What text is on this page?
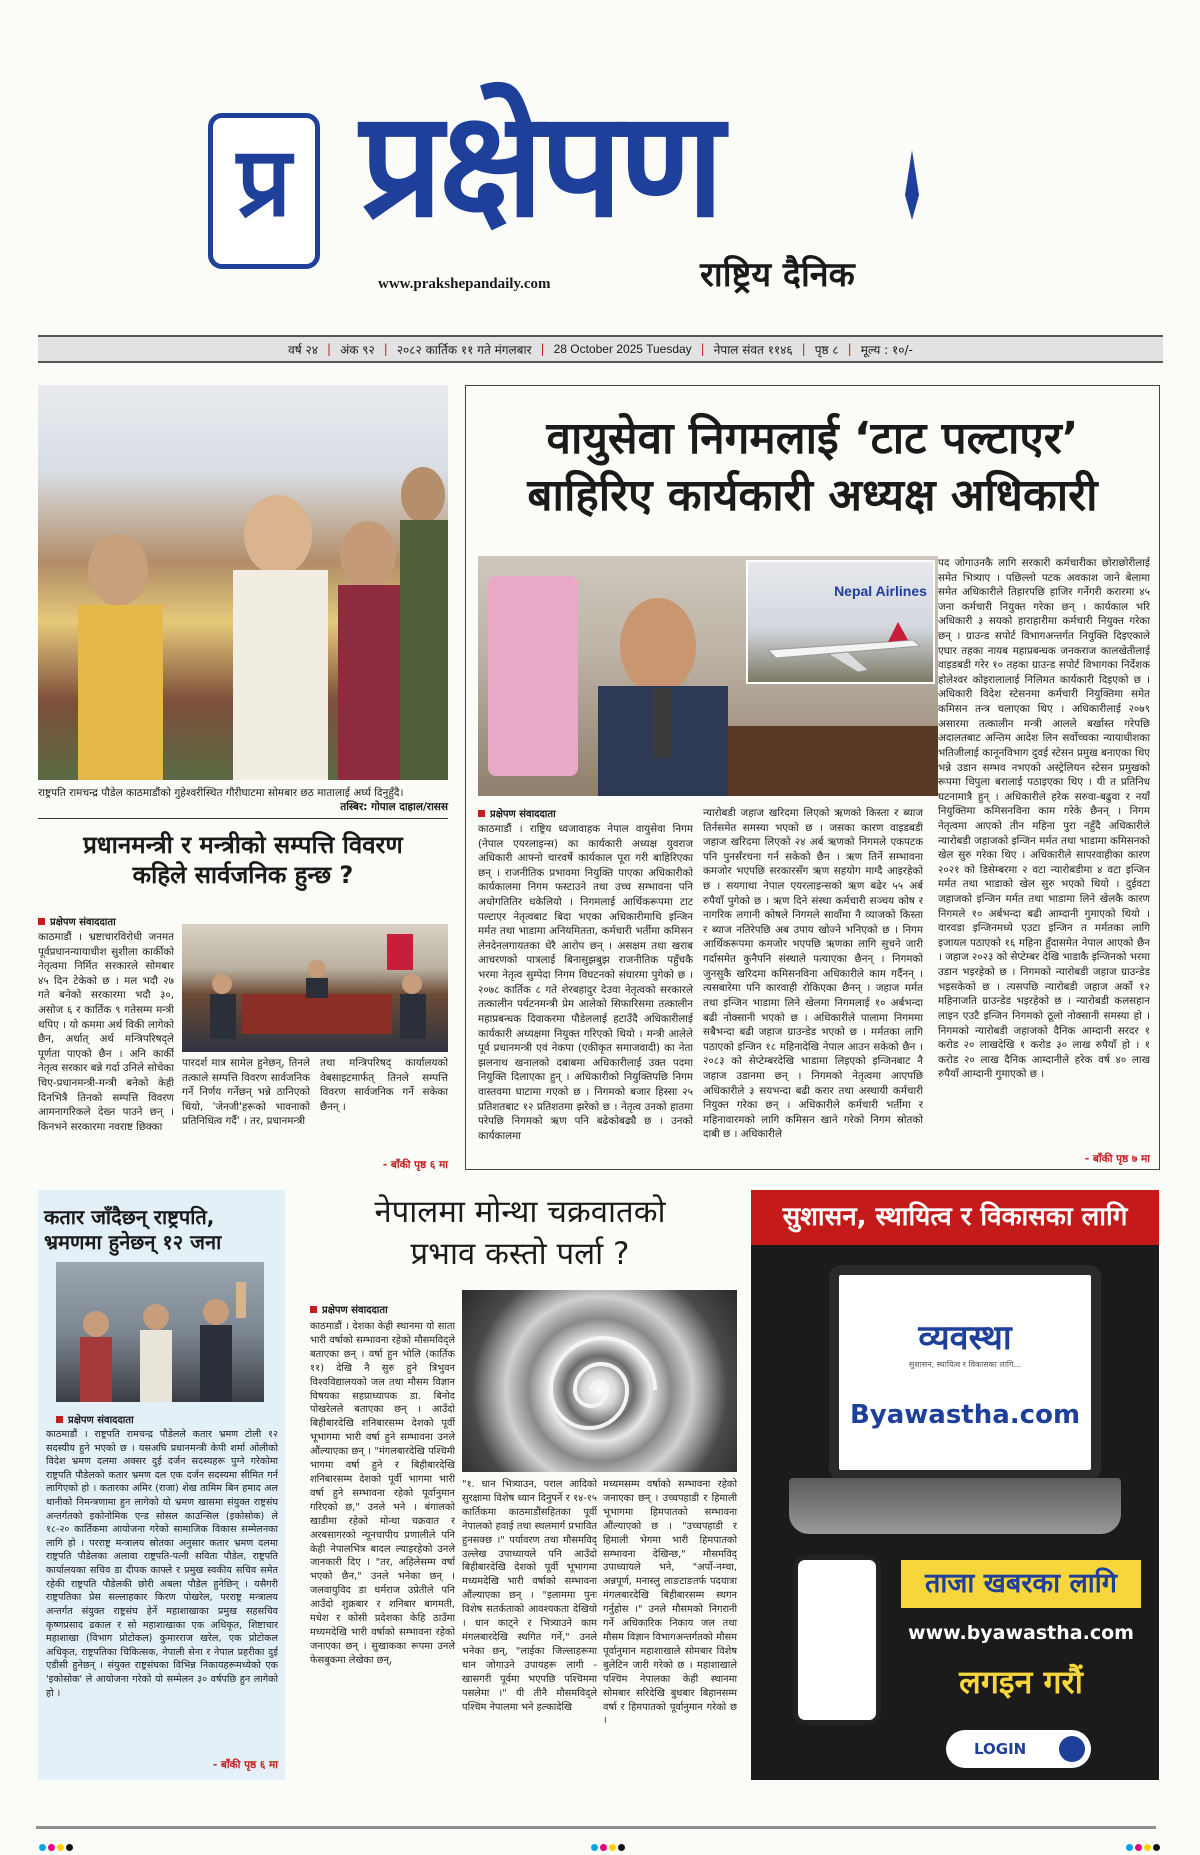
प्र प्रक्षेपण
राष्ट्रिय दैनिक
www.prakshepandaily.com
वर्ष २४ | अंक ९२ | २०८२ कार्तिक ११ गते मंगलबार | 28 October 2025 Tuesday | नेपाल संवत ११४६ | पृष्ठ ८ | मूल्य : १०/-
राष्ट्रपति रामचन्द्र पौडेल काठमाडौंको गुहेश्वरीस्थित गौरीघाटमा सोमबार छठ मातालाई अर्घ्य दिनुहुँदै।
तस्बिर: गोपाल दाहाल/रासस
प्रधानमन्त्री र मन्त्रीको सम्पत्ति विवरण
कहिले सार्वजनिक हुन्छ ?
प्रक्षेपण संवाददाता
काठमाडौं । भ्रष्टाचारविरोधी जनमत पूर्वप्रधानन्यायाधीश सुशीला कार्कीको नेतृत्वमा निर्मित सरकारले सोमबार ४५ दिन टेकेको छ । मल भदौ २७ गते बनेको सरकारमा भदौ ३०, असोज ६ र कार्तिक ९ गतेसम्म मन्त्री थपिए । यो कममा अर्थ विकी लागेको छैन, अर्थात् अर्थ मन्त्रिपरिषद्ले पूर्णता पाएको छैन । अनि कार्की नेतृत्व सरकार बन्ने गर्दा उनिले सोचेका चिए-प्रधानमन्त्री-मन्त्री बनेको केही दिनभित्रै तिनको सम्पत्ति विवरण आमनागरिकले देख्न पाउने छन् । किनभने सरकारमा नवराष्ट छिक्का
पारदर्श मात्र सामेल हुनेछन्, तिनले तत्काले सम्पत्ति विवरण सार्वजनिक गर्ने निर्णय गर्नेछन् भन्ने ठानिएको थियो, 'जेनजी'हरूको भावनाको प्रतिनिधित्व गर्दै' । तर, प्रधानमन्त्री
तथा मन्त्रिपरिषद् कार्यालयको वेबसाइटमार्फत् तिनले सम्पत्ति विवरण सार्वजनिक गर्ने सकेका छैनन् ।
- बाँकी पृष्ठ ६ मा
वायुसेवा निगमलाई ‘टाट पल्टाएर’
बाहिरिए कार्यकारी अध्यक्ष अधिकारी
Nepal Airlines
प्रक्षेपण संवाददाता
काठमाडौं । राष्ट्रिय ध्वजावाहक नेपाल वायुसेवा निगम (नेपाल एयरलाइन्स) का कार्यकारी अध्यक्ष युवराज अधिकारी आफ्नो चारवर्षे कार्यकाल पूरा गरी बाहिरिएका छन् । राजनीतिक प्रभावमा नियुक्ति पाएका अधिकारीको कार्यकालमा निगम फस्टाउने तथा उच्च सम्भावना पनि अधोगतितिर धकेलियो । निगमलाई आर्थिकरूपमा टाट पल्टाएर नेतृत्वबाट बिदा भएका अधिकारीमाथि इन्जिन मर्मत तथा भाडामा अनियमितता, कर्मचारी भर्तीमा कमिसन लेनदेनलगायतका धेरै आरोप छन् । असक्षम तथा खराब आचरणको पात्रलाई बिनासुझबुझ राजनीतिक पहुँचकै भरमा नेतृत्व सुम्पेदा निगम विघटनको संघारमा पुगेको छ । २०७८ कार्तिक ८ गते शेरबहादुर देउवा नेतृत्वको सरकारले तत्कालीन पर्यटनमन्त्री प्रेम आलेको सिफारिसमा तत्कालीन महाप्रबन्धक दिवाकरमा पौडेललाई हटाउँदै अधिकारीलाई कार्यकारी अध्यक्षमा नियुक्त गरिएको थियो । मन्त्री आलेले पूर्व प्रधानमन्त्री एवं नेकपा (एकीकृत समाजवादी) का नेता झलनाथ खनालको दबाबमा अधिकारीलाई उक्त पदमा नियुक्ति दिलाएका हुन् । अधिकारीको नियुक्तिपछि निगम वास्तवमा घाटामा गएको छ । निगमको बजार हिस्सा २५ प्रतिशतबाट १२ प्रतिशतमा झरेको छ । नेतृत्व उनको हातमा परेपछि निगमको ऋण पनि बढेकोबढ्यै छ । उनको कार्यकालमा
न्यारोबडी जहाज खरिदमा लिएको ऋणको किस्ता र ब्याज तिर्नसमेत समस्या भएको छ । जसका कारण वाइडबडी जहाज खरिदमा लिएको २४ अर्ब ऋणको निगमले एकपटक पनि पुनर्संरचना गर्न सकेको छैन । ऋण तिर्ने सम्भावना कमजोर भएपछि सरकारसँग ऋण सहयोग माग्दै आइरहेको छ । सयगाथा नेपाल एयरलाइन्सको ऋण बढेर ५५ अर्ब रुपैयाँ पुगेको छ । ऋण दिने संस्था कर्मचारी सञ्चय कोष र नागरिक लगानी कोषले निगमले सावाँमा नै व्याजको किस्ता र ब्याज नतिरेपछि अब उपाय खोज्ने भनिएको छ । निगम आर्थिकरूपमा कमजोर भएपछि ऋणका लागि सुचने जारी गर्दासमेत कुनैपनि संस्थाले पत्याएका छैनन् । निगमको जुनसुकै खरिदमा कमिसनविना अधिकारीले काम गर्दैनन् । त्यसबारेमा पनि कारवाही रोकिएका छैनन् । जहाज मर्मत तथा इन्जिन भाडामा लिने खेलमा निगमलाई १० अर्बभन्दा बढी नोक्सानी भएको छ । अधिकारीले पालामा निगममा सबैभन्दा बढी जहाज ग्राउन्डेड भएको छ । मर्मतका लागि पठाएको इन्जिन १८ महिनादेखि नेपाल आउन सकेको छैन । २०८३ को सेप्टेम्बरदेखि भाडामा लिइएको इन्जिनबाट नै जहाज उडानमा छन् । निगमको नेतृत्वमा आएपछि अधिकारीले ३ सयभन्दा बढी करार तथा अस्थायी कर्मचारी नियुक्त गरेका छन् । अधिकारीले कर्मचारी भर्तीमा र महिनावारमको लागि कमिसन खाने गरेको निगम स्रोतको दाबी छ । अधिकारीले
पद जोगाउनकै लागि सरकारी कर्मचारीका छोराछोरीलाई समेत भित्र्याए । पछिल्लो पटक अवकाश जाने बेलामा समेत अधिकारीले तिहारपछि हाजिर गर्नेगरी करारमा ४५ जना कर्मचारी नियुक्त गरेका छन् । कार्यकाल भरि अधिकारी ३ सयको हाराहारीमा कर्मचारी नियुक्त गरेका छन् । ग्राउन्ड सपोर्ट विभागअन्तर्गत नियुक्ति दिइएकाले एघार तहका नायब महाप्रबन्धक जनकराज कालखेतीलाई वाइडबडी गरेर १० तहका ग्राउन्ड सपोर्ट विभागका निर्देशक होलेश्वर कोइरालालाई निलिमत कार्यकारी दिइएको छ । अधिकारी विदेश स्टेसनमा कर्मचारी नियुक्तिमा समेत कमिसन तन्त्र चलाएका थिए । अधिकारीलाई २०७९ असारमा तत्कालीन मन्त्री आलले बर्खास्त गरेपछि अदालतबाट अन्तिम आदेश लिन सर्वोच्चका न्यायाधीशका भतिजीलाई कानूनविभाग दुवई स्टेसन प्रमुख बनाएका थिए भन्ने उडान सम्भव नभएको अस्ट्रेलियन स्टेसन प्रमुखको रूपमा धिपुला बरालाई पठाइएका थिए । यी त प्रतिनिध घटनामात्रै हुन् । अधिकारीले हरेक सरुवा-बढुवा र नयाँ नियुक्तिमा कमिसनविना काम गरेके छैनन् । निगम नेतृत्वमा आएको तीन महिना पुरा नहुँदै अधिकारीले न्यारोबडी जहाजको इन्जिन मर्मत तथा भाडामा कमिसनको खेल सुरु गरेका थिए । अधिकारीले सापरवाहीका कारण २०२१ को डिसेम्बरमा २ वटा न्यारोबडीमा ४ वटा इन्जिन मर्मत तथा भाडाको खेल सुरु भएको थियो । दुईवटा जहाजको इन्जिन मर्मत तथा भाडामा लिने खेलकै कारण निगमले १० अर्बभन्दा बढी आम्दानी गुमाएको थियो । वारवडा इन्जिनमध्ये एउटा इन्जिन त मर्मतका लागि इजायल पठाएको १६ महिना हुँदासमेत नेपाल आएको छैन । जहाज २०२३ को सेप्टेम्बर देखि भाडाकै इन्जिनको भरमा उडान भइरहेको छ । निगमको न्यारोबडी जहाज ग्राउन्डेड भइसकेको छ । त्यसपछि न्यारोबडी जहाज अर्को १२ महिनाजति ग्राउन्डेड भइरहेको छ । न्यारोबडी कलसहान लाइन एउटै इन्जिन निगमको ठूलो नोक्सानी समस्या हो । निगमको न्यारोबडी जहाजको दैनिक आम्दानी सरदर १ करोड २० लाखदेखि १ करोड ३० लाख रुपैयाँ हो । १ करोड २० लाख दैनिक आम्दानीले हरेक वर्ष ४० लाख रुपैयाँ आम्दानी गुमाएको छ ।
- बाँकी पृष्ठ ७ मा
कतार जाँदैछन् राष्ट्रपति,
भ्रमणमा हुनेछन् १२ जना
प्रक्षेपण संवाददाता
काठमाडौं । राष्ट्रपति रामचन्द्र पौडेलले कतार भ्रमण टोली १२ सदस्यीय हुने भएको छ । यसअघि प्रधानमन्त्री केपी शर्मा ओलीको विदेश भ्रमण दलमा अक्सर दुई दर्जन सदस्यहरू पुग्ने गरेकोमा राष्ट्रपति पौडेलको कतार भ्रमण दल एक दर्जन सदस्यमा सीमित गर्न लागिएको हो । कतारका अमिर (राजा) शेख तामिम बिन हमाद अल थानीको निमन्त्रणामा हुन लागेको यो भ्रमण खासमा संयुक्त राष्ट्रसंघ अन्तर्गतको इकोनोमिक एन्ड सोसल काउन्सिल (इकोसोक) ले १८-२० कार्तिकमा आयोजना गरेको सामाजिक विकास सम्मेलनका लागि हो । परराष्ट्र मन्त्रालय स्रोतका अनुसार कतार भ्रमण दलमा राष्ट्रपति पौडेलका अलावा राष्ट्रपति-पत्नी सविता पौडेल, राष्ट्रपति कार्यालयका सचिव डा दीपक काफ्ले र प्रमुख स्वकीय सचिव समेत रहेकी राष्ट्रपति पौडेलकी छोरी अबला पौडेल हुनेछिन् । यसैगरी राष्ट्रपतिका प्रेस सल्लाहकार किरण पोखरेल, परराष्ट्र मन्त्रालय अन्तर्गत संयुक्त राष्ट्रसंघ हेर्ने महाशाखाका प्रमुख सहसचिव कृष्णप्रसाद ढकाल र सो महाशाखाका एक अधिकृत, शिष्टाचार महाशाखा (विभाग प्रोटोकल) कुमारराज खरेल, एक प्रोटोकल अधिकृत, राष्ट्रपतिका चिकित्सक, नेपाली सेना र नेपाल प्रहरीका दुई एडीसी हुनेछन् । संयुक्त राष्ट्रसंघका विभिन्न निकायहरूमध्येको एक 'इकोसोक' ले आयोजना गरेको यो सम्मेलन ३० वर्षपछि हुन लागेको हो ।
- बाँकी पृष्ठ ६ मा
नेपालमा मोन्था चक्रवातको
प्रभाव कस्तो पर्ला ?
प्रक्षेपण संवाददाता
काठमाडौं । देशका केही स्थानमा यो साता भारी वर्षाको सम्भावना रहेको मौसमविद्ले बताएका छन् । वर्षा हुन भोलि (कार्तिक ११) देखि नै सुरु हुने त्रिभुवन विश्वविद्यालयको जल तथा मौसम विज्ञान विषयका सहप्राध्यापक डा. बिनोद पोखरेलले बताएका छन् । आउँदो बिहीबारदेखि शनिबारसम्म देशको पूर्वी भूभागमा भारी वर्षा हुने सम्भावना उनले औंल्याएका छन् । "मंगलबारदेखि पश्चिमी भागमा वर्षा हुने र बिहीबारदेखि शनिबारसम्म देशको पूर्वी भागमा भारी वर्षा हुने सम्भावना रहेको पूर्वानुमान गरिएको छ," उनले भने । बंगालको खाडीमा रहेको मोन्था चक्रवात र अरबसागरको न्यूनचापीय प्रणालीले पनि केही नेपालभित्र बादल ल्याइरहेको उनले जानकारी दिए । "तर, अहिलेसम्म वर्षा भएको छैन," उनले भनेका छन् । जलवायुविद डा धर्मराज उप्रेतीले पनि आउँदो शुक्रबार र शनिबार बागमती, मधेश र कोसी प्रदेशका केहि ठाउँमा मध्यमदेखि भारी वर्षाको सम्भावना रहेको जनाएका छन् । सुखाकका रूपमा उनले फेसबुकमा लेखेका छन्,
"१. धान भित्र्याउन, पराल आदिको सुरक्षामा विशेष ध्यान दिनुपर्ने र १४-१५ कार्तिकमा काठमाडौंसहितका पूर्वी नेपालको हवाई तथा स्थलमार्ग प्रभावित हुनसक्छ ।" पर्यावरण तथा मौसमविद् उल्लेख उपाध्यायले पनि आउँदो बिहीबारदेखि देशको पूर्वी भूभागमा मध्यमदेखि भारी वर्षाको सम्भावना औंल्याएका छन् । "इलाममा पुनः विशेष सतर्कताको आवश्यकता देखियो । धान काट्ने र भित्र्याउने काम मंगलबारदेखि स्थगित गर्ने," उनले भनेका छन्, "लाईका जिल्लाहरूमा धान जोगाउने उपायहरू लागी - खासगरी पूर्वमा भएपछि पश्चिममा पसलेमा ।" यी तीनै मौसमविद्ले पश्चिम नेपालमा भने हल्कादेखि
मध्यमसम्म वर्षाको सम्भावना रहेको जनाएका छन् । उच्चपहाडी र हिमाली भूभागमा हिमपातको सम्भावना औंल्याएको छ । "उच्चपहाडी र हिमाली भेगमा भारी हिमपातको सम्भावना देखिन्छ," मौसमविद् उपाध्यायले भने, "अर्पो-नम्चा, अन्नपूर्ण, मनास्लु लाङटाङतर्फ पदयात्रा मंगलबारदेखि बिहीबारसम्म स्थगन गर्नुहोस ।" उनले मौसमको निगरानी गर्ने अधिकारिक निकाय जल तथा मौसम विज्ञान विभागअन्तर्गतको मौसम पूर्वानुमान महाशाखाले सोमबार विशेष बुलेटिन जारी गरेको छ । महाशाखाले पश्चिम नेपालका केही स्थानमा सोमबार सरिदेखि बुधबार बिहानसम्म वर्षा र हिमपातको पूर्वानुमान गरेको छ ।
सुशासन, स्थायित्व र विकासका लागि
व्यवस्था
सुशासन, स्थायित्व र विकासका लागि...
Byawastha.com
ताजा खबरका लागि
www.byawastha.com
लगइन गरौं
LOGIN
